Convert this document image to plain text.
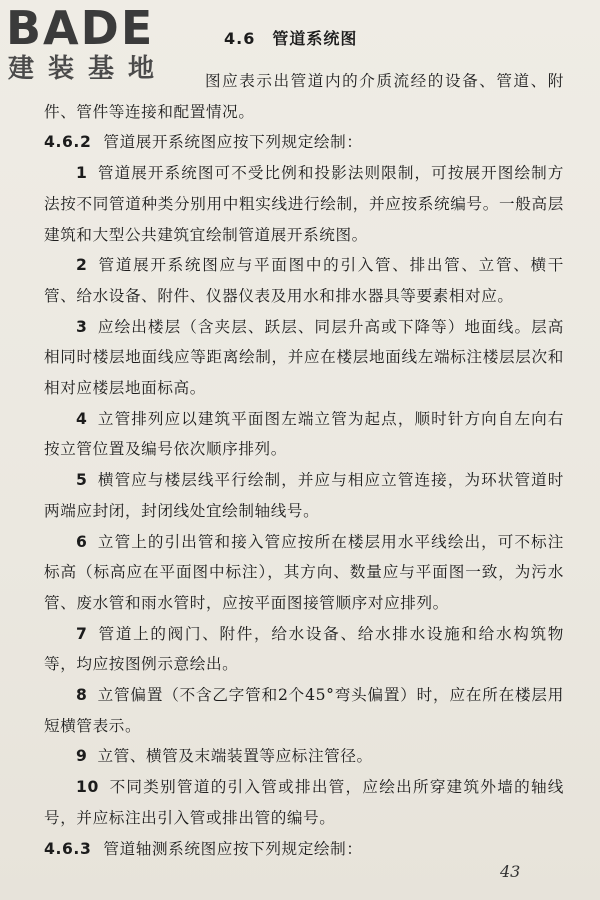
BADE
建装基地
4.6　管道系统图

图应表示出管道内的介质流经的设备、管道、附件、管件等连接和配置情况。

4.6.2 管道展开系统图应按下列规定绘制：

1 管道展开系统图可不受比例和投影法则限制，可按展开图绘制方法按不同管道种类分别用中粗实线进行绘制，并应按系统编号。一般高层建筑和大型公共建筑宜绘制管道展开系统图。

2 管道展开系统图应与平面图中的引入管、排出管、立管、横干管、给水设备、附件、仪器仪表及用水和排水器具等要素相对应。

3 应绘出楼层（含夹层、跃层、同层升高或下降等）地面线。层高相同时楼层地面线应等距离绘制，并应在楼层地面线左端标注楼层层次和相对应楼层地面标高。

4 立管排列应以建筑平面图左端立管为起点，顺时针方向自左向右按立管位置及编号依次顺序排列。

5 横管应与楼层线平行绘制，并应与相应立管连接，为环状管道时两端应封闭，封闭线处宜绘制轴线号。

6 立管上的引出管和接入管应按所在楼层用水平线绘出，可不标注标高（标高应在平面图中标注），其方向、数量应与平面图一致，为污水管、废水管和雨水管时，应按平面图接管顺序对应排列。

7 管道上的阀门、附件，给水设备、给水排水设施和给水构筑物等，均应按图例示意绘出。

8 立管偏置（不含乙字管和2个45°弯头偏置）时，应在所在楼层用短横管表示。

9 立管、横管及末端装置等应标注管径。

10 不同类别管道的引入管或排出管，应绘出所穿建筑外墙的轴线号，并应标注出引入管或排出管的编号。

4.6.3 管道轴测系统图应按下列规定绘制：

43
